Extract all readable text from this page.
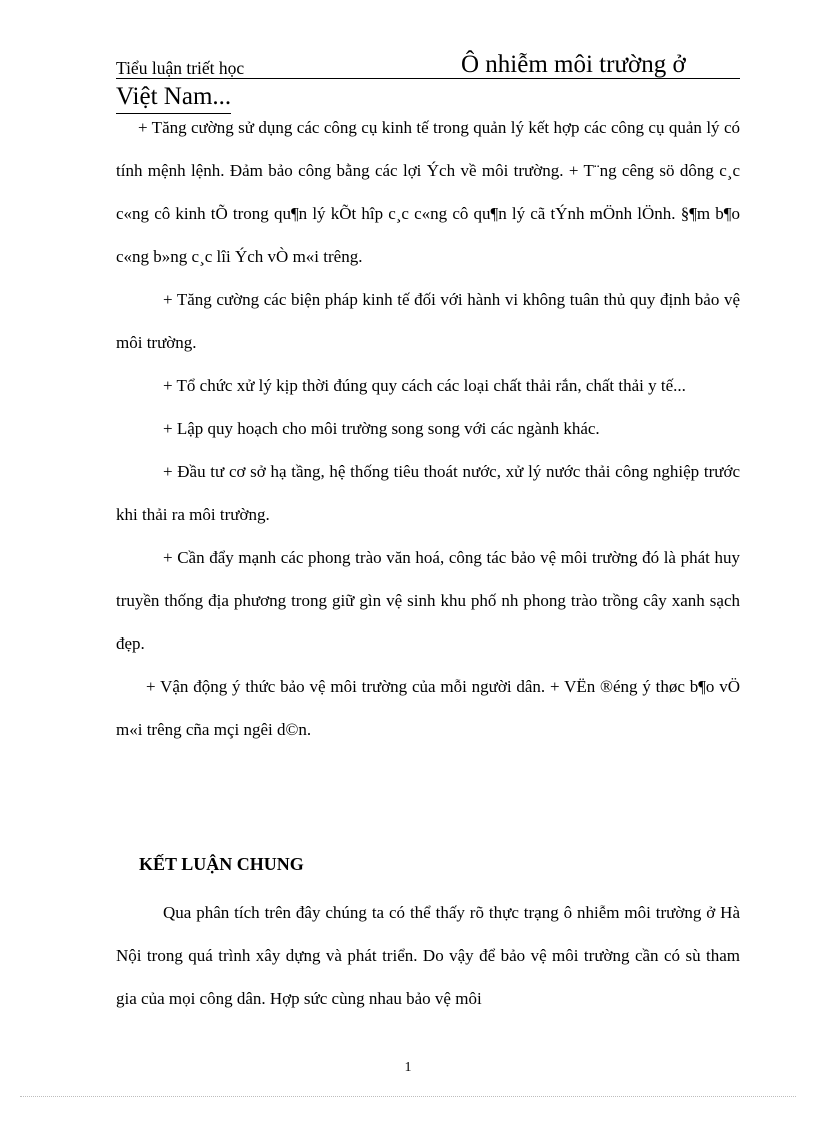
Tiểu luận triết học	Ô nhiễm môi trường ở
Việt Nam...

+ Tăng cường sử dụng các công cụ kinh tế trong quản lý kết hợp các công cụ quản lý có tính mệnh lệnh. Đảm bảo công bằng các lợi Ých về môi trường. + T¨ng cêng sö dông c¸c c«ng cô kinh tÕ trong qu¶n lý kÕt hîp c¸c c«ng cô qu¶n lý cã tÝnh mÖnh lÖnh. §¶m b¶o c«ng b»ng c¸c lîi Ých vÒ m«i trêng.

+ Tăng cường các biện pháp kinh tế đối với hành vi không tuân thủ quy định bảo vệ môi trường.

+ Tổ chức xử lý kịp thời đúng quy cách các loại chất thải rắn, chất thải y tế...

+ Lập quy hoạch cho môi trường song song với các ngành khác.

+ Đầu tư cơ sở hạ tầng, hệ thống tiêu thoát nước, xử lý nước thải công nghiệp trước khi thải ra môi trường.

+ Cần đẩy mạnh các phong trào văn hoá, công tác bảo vệ môi trường đó là phát huy truyền thống địa phương trong giữ gìn vệ sinh khu phố nh phong trào trồng cây xanh sạch đẹp.

+ Vận động ý thức bảo vệ môi trường của mỗi người dân. + VËn ®éng ý thøc b¶o vÖ m«i trêng cña mçi ngêi d©n.

KẾT LUẬN CHUNG

Qua phân tích trên đây chúng ta có thể thấy rõ thực trạng ô nhiễm môi trường ở Hà Nội trong quá trình xây dựng và phát triển. Do vậy để bảo vệ môi trường cần có sù tham gia của mọi công dân. Hợp sức cùng nhau bảo vệ môi

1
